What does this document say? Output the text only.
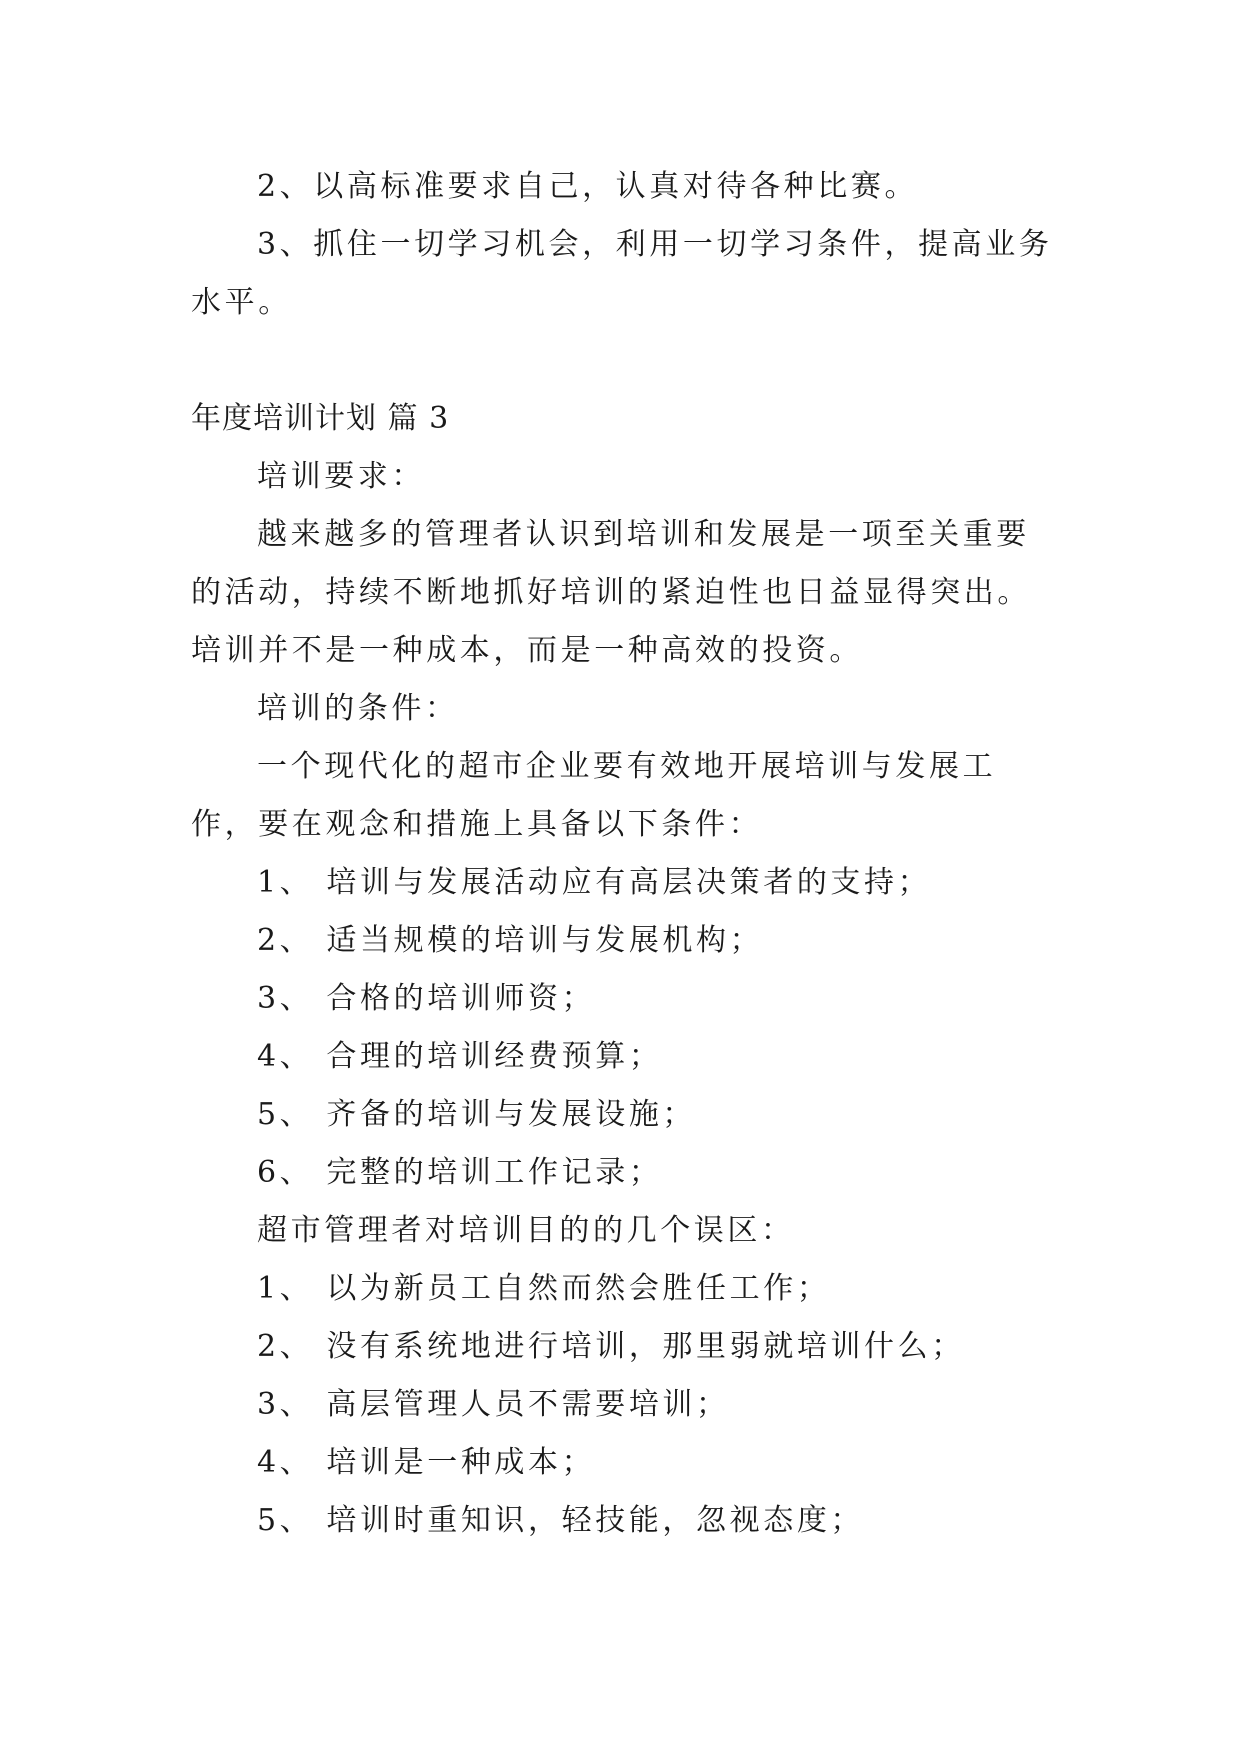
2、以高标准要求自己，认真对待各种比赛。

3、抓住一切学习机会，利用一切学习条件，提高业务水平。

年度培训计划 篇 3

培训要求：

越来越多的管理者认识到培训和发展是一项至关重要的活动，持续不断地抓好培训的紧迫性也日益显得突出。培训并不是一种成本，而是一种高效的投资。

培训的条件：

一个现代化的超市企业要有效地开展培训与发展工作，要在观念和措施上具备以下条件：

1、 培训与发展活动应有高层决策者的支持；

2、 适当规模的培训与发展机构；

3、 合格的培训师资；

4、 合理的培训经费预算；

5、 齐备的培训与发展设施；

6、 完整的培训工作记录；

超市管理者对培训目的的几个误区：

1、 以为新员工自然而然会胜任工作；

2、 没有系统地进行培训，那里弱就培训什么；

3、 高层管理人员不需要培训；

4、 培训是一种成本；

5、 培训时重知识，轻技能，忽视态度；
